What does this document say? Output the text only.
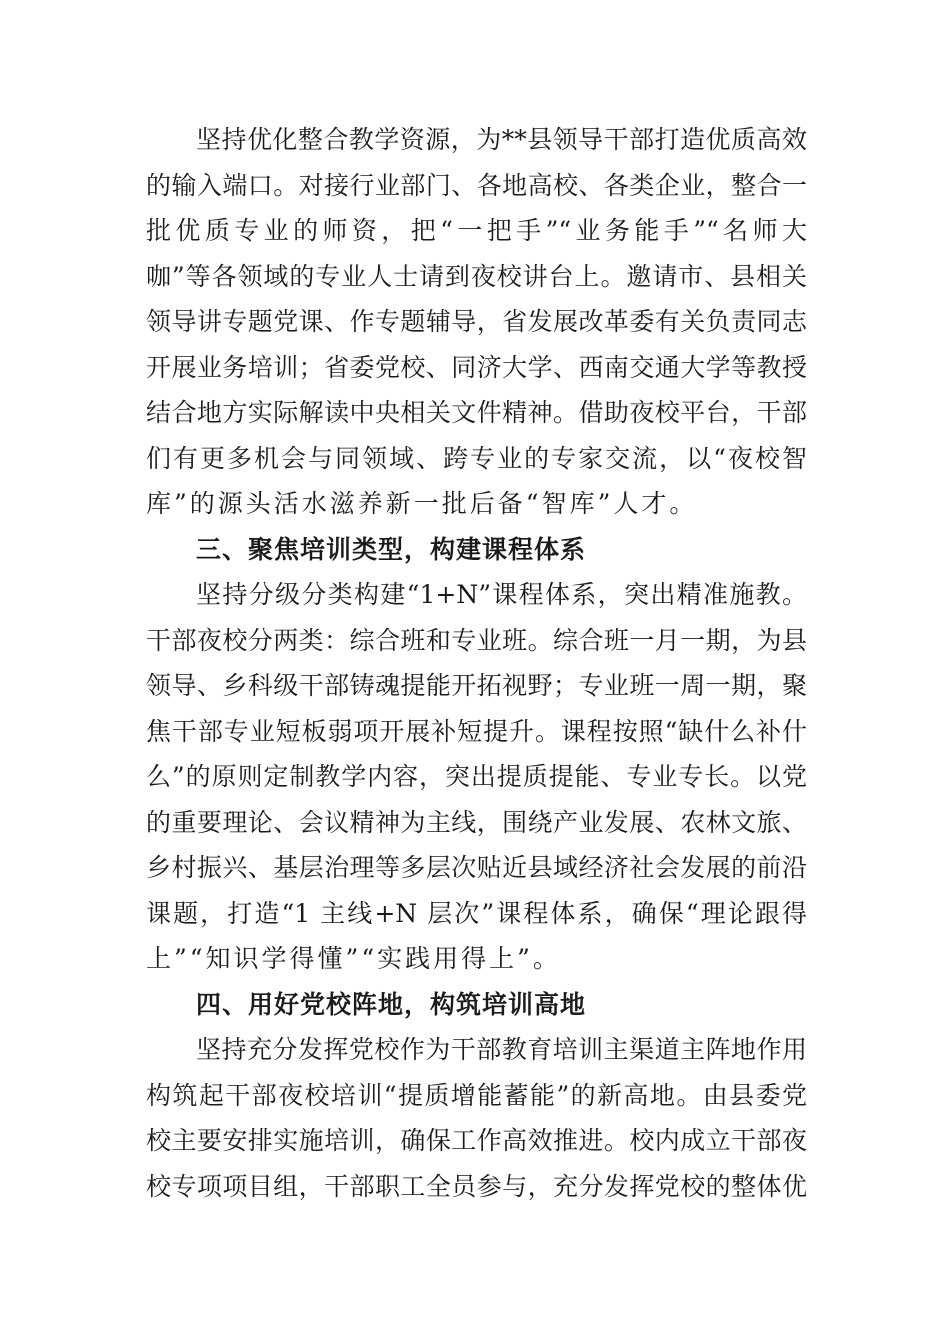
坚持优化整合教学资源，为**县领导干部打造优质高效
的输入端口。对接行业部门、各地高校、各类企业，整合一
批优质专业的师资，把“一把手”“业务能手”“名师大
咖”等各领域的专业人士请到夜校讲台上。邀请市、县相关
领导讲专题党课、作专题辅导，省发展改革委有关负责同志
开展业务培训；省委党校、同济大学、西南交通大学等教授
结合地方实际解读中央相关文件精神。借助夜校平台，干部
们有更多机会与同领域、跨专业的专家交流，以“夜校智
库”的源头活水滋养新一批后备“智库”人才。
三、聚焦培训类型，构建课程体系
坚持分级分类构建“1+N”课程体系，突出精准施教。
干部夜校分两类：综合班和专业班。综合班一月一期，为县
领导、乡科级干部铸魂提能开拓视野；专业班一周一期，聚
焦干部专业短板弱项开展补短提升。课程按照“缺什么补什
么”的原则定制教学内容，突出提质提能、专业专长。以党
的重要理论、会议精神为主线，围绕产业发展、农林文旅、
乡村振兴、基层治理等多层次贴近县域经济社会发展的前沿
课题，打造“1 主线+N 层次”课程体系，确保“理论跟得
上”“知识学得懂”“实践用得上”。
四、用好党校阵地，构筑培训高地
坚持充分发挥党校作为干部教育培训主渠道主阵地作用
构筑起干部夜校培训“提质增能蓄能”的新高地。由县委党
校主要安排实施培训，确保工作高效推进。校内成立干部夜
校专项项目组，干部职工全员参与，充分发挥党校的整体优
